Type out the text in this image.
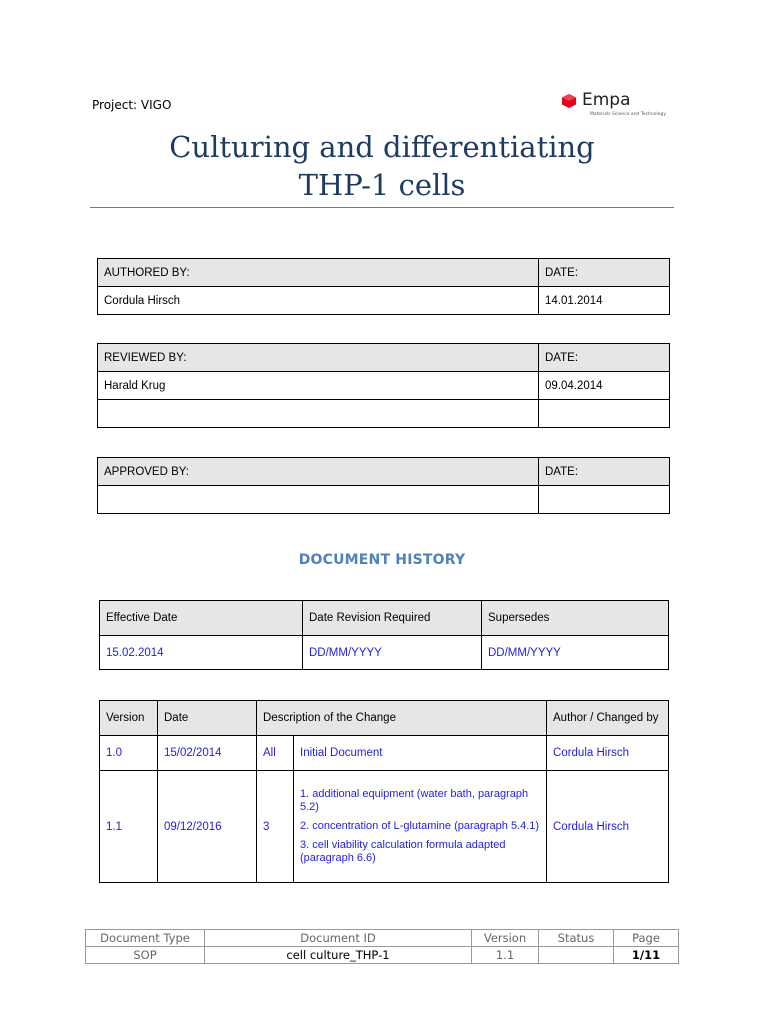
Project: VIGO	Empa
Materials Science and Technology
Culturing and differentiating
THP-1 cells
AUTHORED BY:	DATE:
Cordula Hirsch	14.01.2014
REVIEWED BY:	DATE:
Harald Krug	09.04.2014

APPROVED BY:	DATE:

DOCUMENT HISTORY
Effective Date	Date Revision Required	Supersedes
15.02.2014	DD/MM/YYYY	DD/MM/YYYY
Version	Date	Description of the Change		Author / Changed by
1.0	15/02/2014	All	Initial Document	Cordula Hirsch
1.1	09/12/2016	3	1. additional equipment (water bath, paragraph 5.2)
2. concentration of L-glutamine (paragraph 5.4.1)
3. cell viability calculation formula adapted (paragraph 6.6)	Cordula Hirsch
Document Type	Document ID	Version	Status	Page
SOP	cell culture_THP-1	1.1		1/11
